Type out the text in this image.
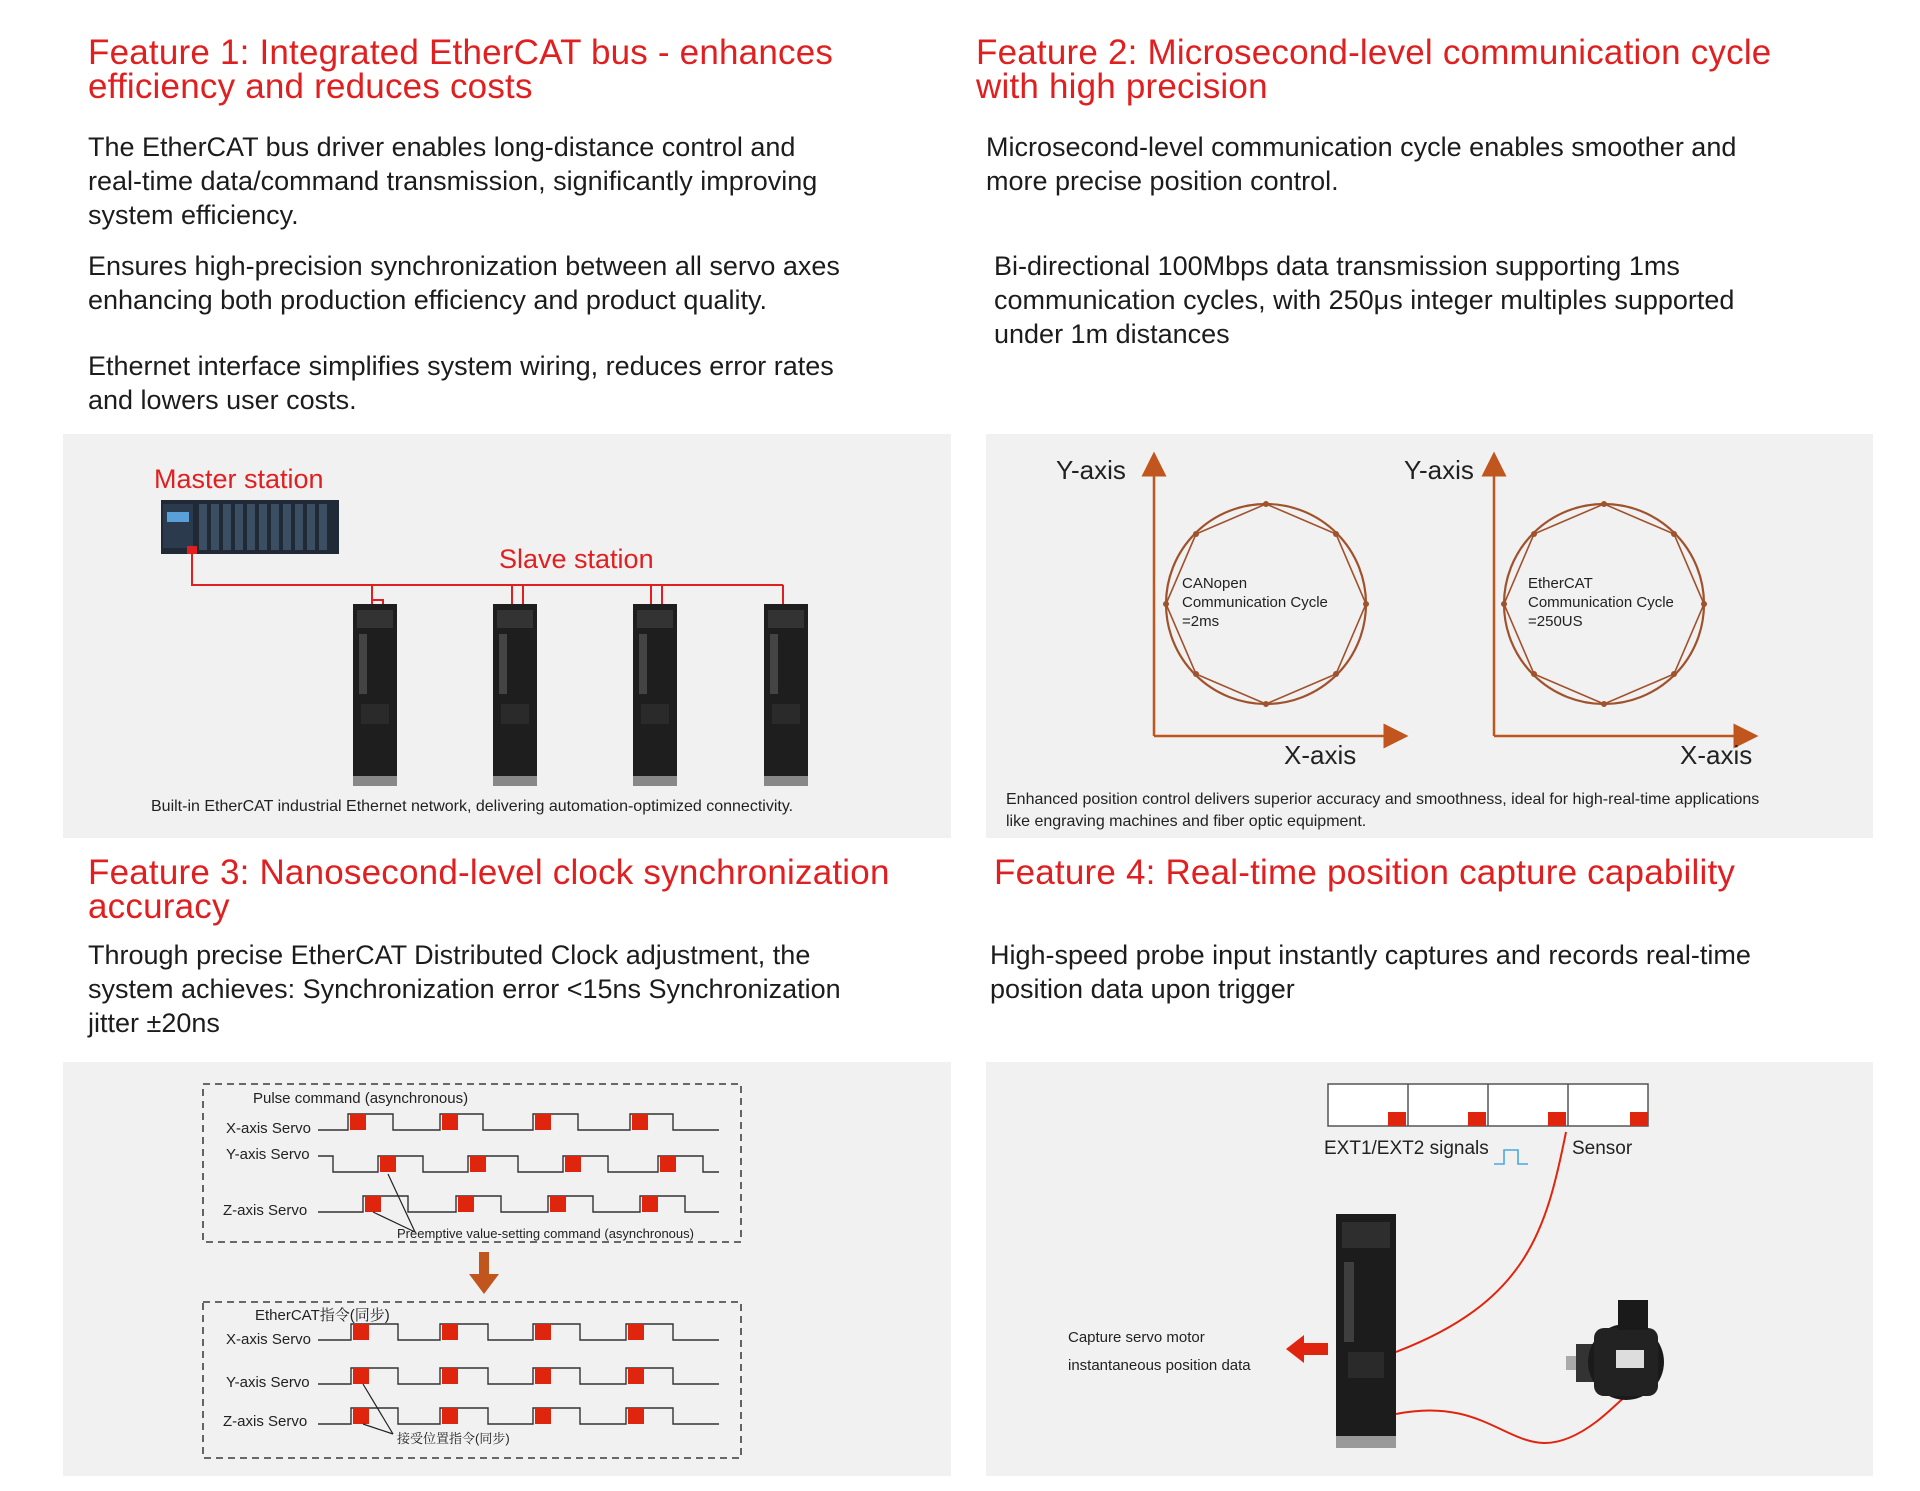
Feature 1: Integrated EtherCAT bus - enhances
efficiency and reduces costs
The EtherCAT bus driver enables long-distance control and
real-time data/command transmission, significantly improving
system efficiency.
Ensures high-precision synchronization between all servo axes
enhancing both production efficiency and product quality.
Ethernet interface simplifies system wiring, reduces error rates
and lowers user costs.
Feature 2: Microsecond-level communication cycle
with high precision
Microsecond-level communication cycle enables smoother and
more precise position control.
Bi-directional 100Mbps data transmission supporting 1ms
communication cycles, with 250μs integer multiples supported
under 1m distances
Master station
Slave station
Built-in EtherCAT industrial Ethernet network, delivering automation-optimized connectivity.
Y-axis
X-axis
CANopen
Communication Cycle
=2ms
Y-axis
X-axis
EtherCAT
Communication Cycle
=250US
Enhanced position control delivers superior accuracy and smoothness, ideal for high-real-time applications
like engraving machines and fiber optic equipment.
Feature 3: Nanosecond-level clock synchronization
accuracy
Through precise EtherCAT Distributed Clock adjustment, the
system achieves: Synchronization error <15ns Synchronization
jitter ±20ns
Feature 4: Real-time position capture capability
High-speed probe input instantly captures and records real-time
position data upon trigger
Pulse command (asynchronous)
X-axis Servo
Y-axis Servo
Z-axis Servo
Preemptive value-setting command (asynchronous)
EtherCAT指令(同步)
X-axis Servo
Y-axis Servo
Z-axis Servo
接受位置指令(同步)
EXT1/EXT2 signals	Sensor
Capture servo motor
instantaneous position data
